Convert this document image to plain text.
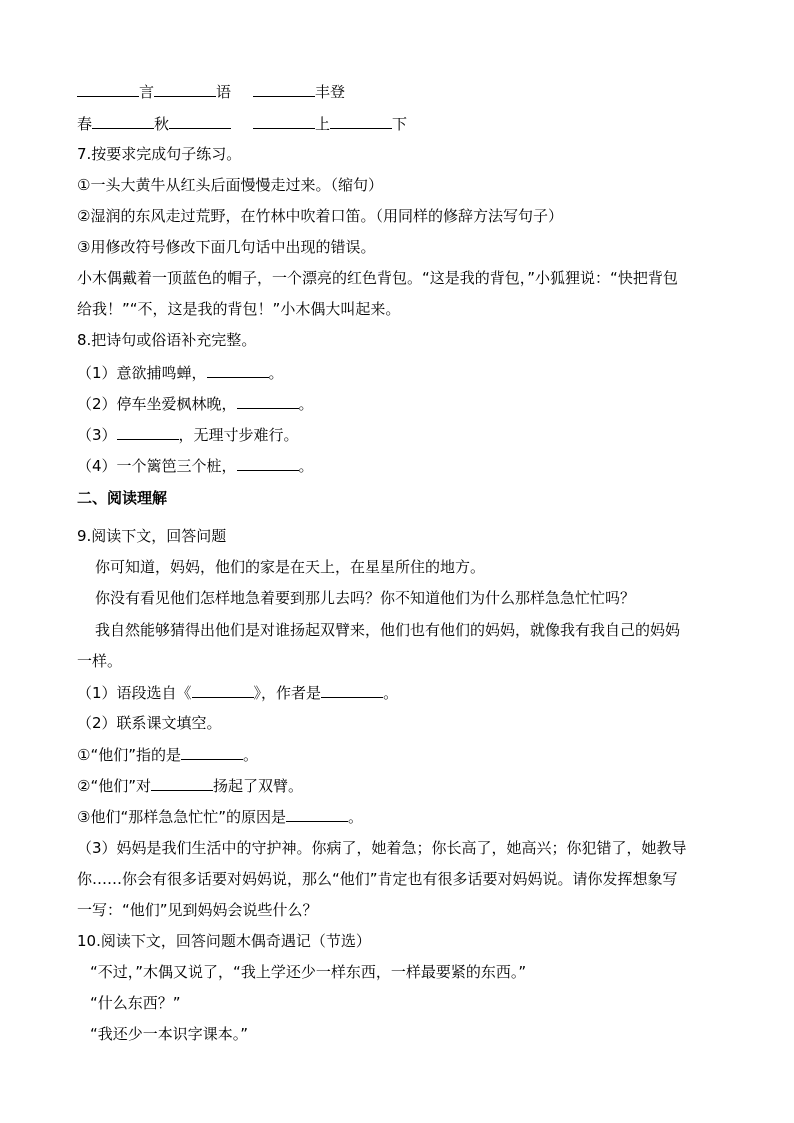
言	语	丰登
春	秋	上	下
7.按要求完成句子练习。
①一头大黄牛从红头后面慢慢走过来。（缩句）
②湿润的东风走过荒野，在竹林中吹着口笛。（用同样的修辞方法写句子）
③用修改符号修改下面几句话中出现的错误。
小木偶戴着一顶蓝色的帽子，一个漂亮的红色背包。“这是我的背包，”小狐狸说：“快把背包
给我！”“不，这是我的背包！”小木偶大叫起来。
8.把诗句或俗语补充完整。
（1）意欲捕鸣蝉，	。
（2）停车坐爱枫林晚，	。
（3）	，无理寸步难行。
（4）一个篱笆三个桩，	。
二、阅读理解
9.阅读下文，回答问题
你可知道，妈妈，他们的家是在天上，在星星所住的地方。
你没有看见他们怎样地急着要到那儿去吗？你不知道他们为什么那样急急忙忙吗？
我自然能够猜得出他们是对谁扬起双臂来，他们也有他们的妈妈，就像我有我自己的妈妈
一样。
（1）语段选自《	》，作者是	。
（2）联系课文填空。
①“他们”指的是	。
②“他们”对	扬起了双臂。
③他们“那样急急忙忙”的原因是	。
（3）妈妈是我们生活中的守护神。你病了，她着急；你长高了，她高兴；你犯错了，她教导
你……你会有很多话要对妈妈说，那么“他们”肯定也有很多话要对妈妈说。请你发挥想象写
一写：“他们”见到妈妈会说些什么？
10.阅读下文，回答问题木偶奇遇记（节选）
“不过，”木偶又说了，“我上学还少一样东西，一样最要紧的东西。”
“什么东西？”
“我还少一本识字课本。”
